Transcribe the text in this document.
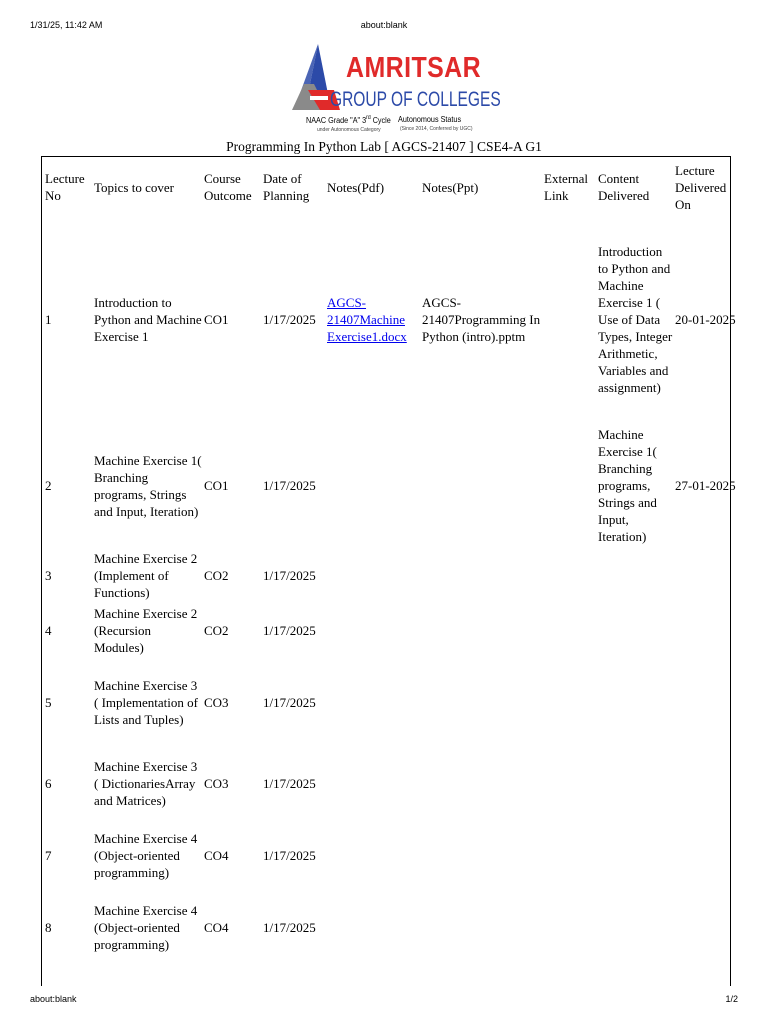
1/31/25, 11:42 AM	about:blank
AMRITSAR
GROUP OF COLLEGES
NAAC Grade "A" 3rd Cycle
under Autonomous Category
Autonomous Status
(Since 2014, Conferred by UGC)
Programming In Python Lab [ AGCS-21407 ] CSE4-A G1
Lecture No	Topics to cover	Course Outcome	Date of Planning	Notes(Pdf)	Notes(Ppt)	External Link	Content Delivered	Lecture Delivered On
1	Introduction to Python and Machine Exercise 1	CO1	1/17/2025	AGCS-21407Machine Exercise1.docx	AGCS-21407Programming In Python (intro).pptm		Introduction to Python and Machine Exercise 1 ( Use of Data Types, Integer Arithmetic, Variables and assignment)	20-01-2025
2	Machine Exercise 1( Branching programs, Strings and Input, Iteration)	CO1	1/17/2025				Machine Exercise 1( Branching programs, Strings and Input, Iteration)	27-01-2025
3	Machine Exercise 2 (Implement of Functions)	CO2	1/17/2025					
4	Machine Exercise 2 (Recursion Modules)	CO2	1/17/2025					
5	Machine Exercise 3 ( Implementation of Lists and Tuples)	CO3	1/17/2025					
6	Machine Exercise 3 ( DictionariesArray and Matrices)	CO3	1/17/2025					
7	Machine Exercise 4 (Object-oriented programming)	CO4	1/17/2025					
8	Machine Exercise 4 (Object-oriented programming)	CO4	1/17/2025					
about:blank	1/2
